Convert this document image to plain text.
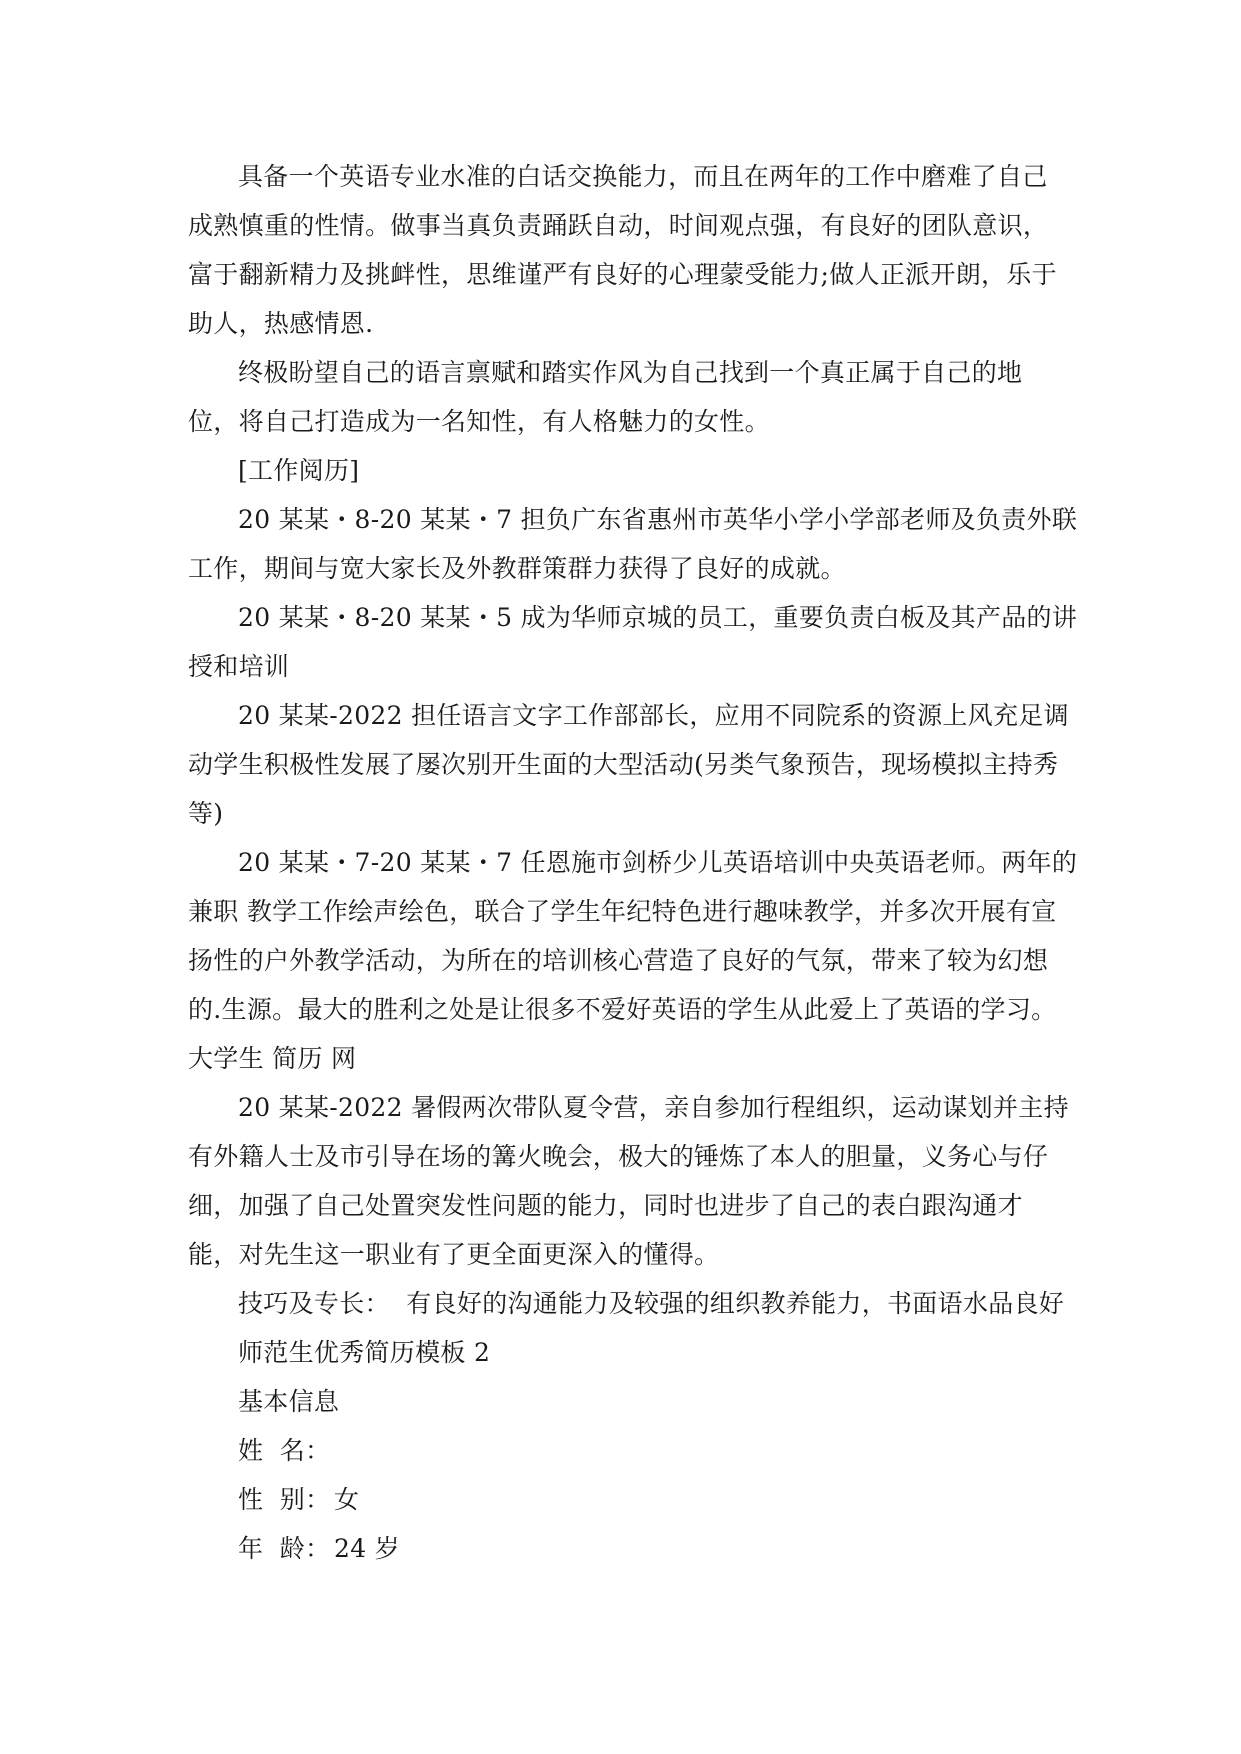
具备一个英语专业水准的白话交换能力，而且在两年的工作中磨难了自己
成熟慎重的性情。做事当真负责踊跃自动，时间观点强，有良好的团队意识，
富于翻新精力及挑衅性，思维谨严有良好的心理蒙受能力;做人正派开朗，乐于
助人，热感情恩.
终极盼望自己的语言禀赋和踏实作风为自己找到一个真正属于自己的地
位，将自己打造成为一名知性，有人格魅力的女性。
[工作阅历]
20 某某・8-20 某某・7 担负广东省惠州市英华小学小学部老师及负责外联
工作，期间与宽大家长及外教群策群力获得了良好的成就。
20 某某・8-20 某某・5 成为华师京城的员工，重要负责白板及其产品的讲
授和培训
20 某某-2022 担任语言文字工作部部长，应用不同院系的资源上风充足调
动学生积极性发展了屡次别开生面的大型活动(另类气象预告，现场模拟主持秀
等)
20 某某・7-20 某某・7 任恩施市剑桥少儿英语培训中央英语老师。两年的
兼职 教学工作绘声绘色，联合了学生年纪特色进行趣味教学，并多次开展有宣
扬性的户外教学活动，为所在的培训核心营造了良好的气氛，带来了较为幻想
的.生源。最大的胜利之处是让很多不爱好英语的学生从此爱上了英语的学习。
大学生 简历 网
20 某某-2022 暑假两次带队夏令营，亲自参加行程组织，运动谋划并主持
有外籍人士及市引导在场的篝火晚会，极大的锤炼了本人的胆量，义务心与仔
细，加强了自己处置突发性问题的能力，同时也进步了自己的表白跟沟通才
能，对先生这一职业有了更全面更深入的懂得。
技巧及专长：  有良好的沟通能力及较强的组织教养能力，书面语水品良好
师范生优秀简历模板 2
基本信息
姓  名：
性  别： 女
年  龄： 24 岁
